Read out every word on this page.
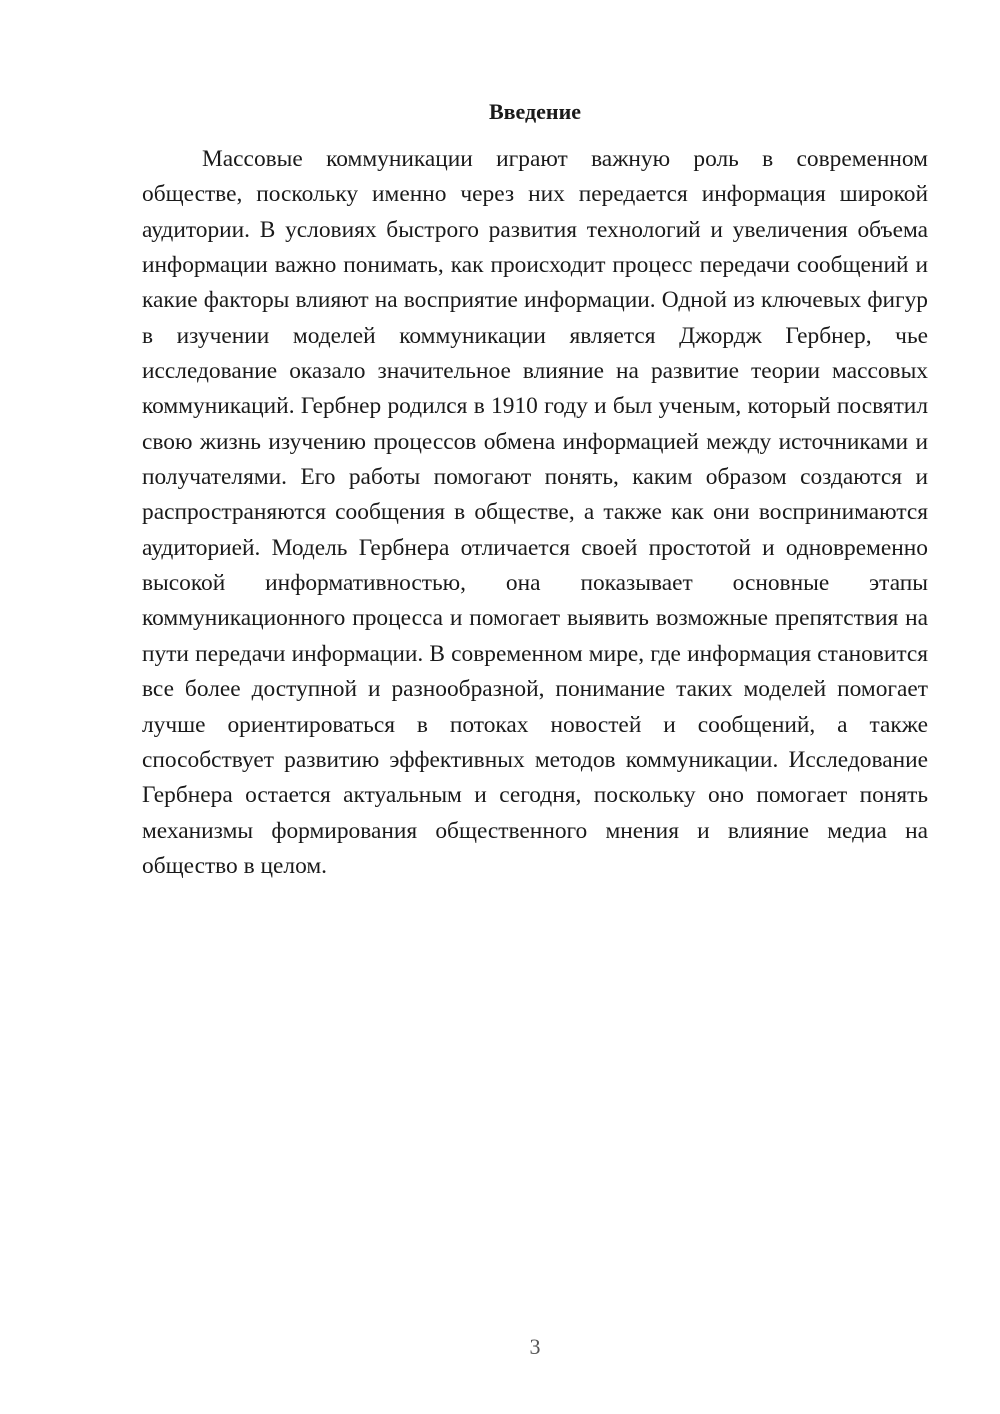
Введение

Массовые коммуникации играют важную роль в современном обществе, поскольку именно через них передается информация широкой аудитории. В условиях быстрого развития технологий и увеличения объема информации важно понимать, как происходит процесс передачи сообщений и какие факторы влияют на восприятие информации. Одной из ключевых фигур в изучении моделей коммуникации является Джордж Гербнер, чье исследование оказало значительное влияние на развитие теории массовых коммуникаций. Гербнер родился в 1910 году и был ученым, который посвятил свою жизнь изучению процессов обмена информацией между источниками и получателями. Его работы помогают понять, каким образом создаются и распространяются сообщения в обществе, а также как они воспринимаются аудиторией. Модель Гербнера отличается своей простотой и одновременно высокой информативностью, она показывает основные этапы коммуникационного процесса и помогает выявить возможные препятствия на пути передачи информации. В современном мире, где информация становится все более доступной и разнообразной, понимание таких моделей помогает лучше ориентироваться в потоках новостей и сообщений, а также способствует развитию эффективных методов коммуникации. Исследование Гербнера остается актуальным и сегодня, поскольку оно помогает понять механизмы формирования общественного мнения и влияние медиа на общество в целом.

3
